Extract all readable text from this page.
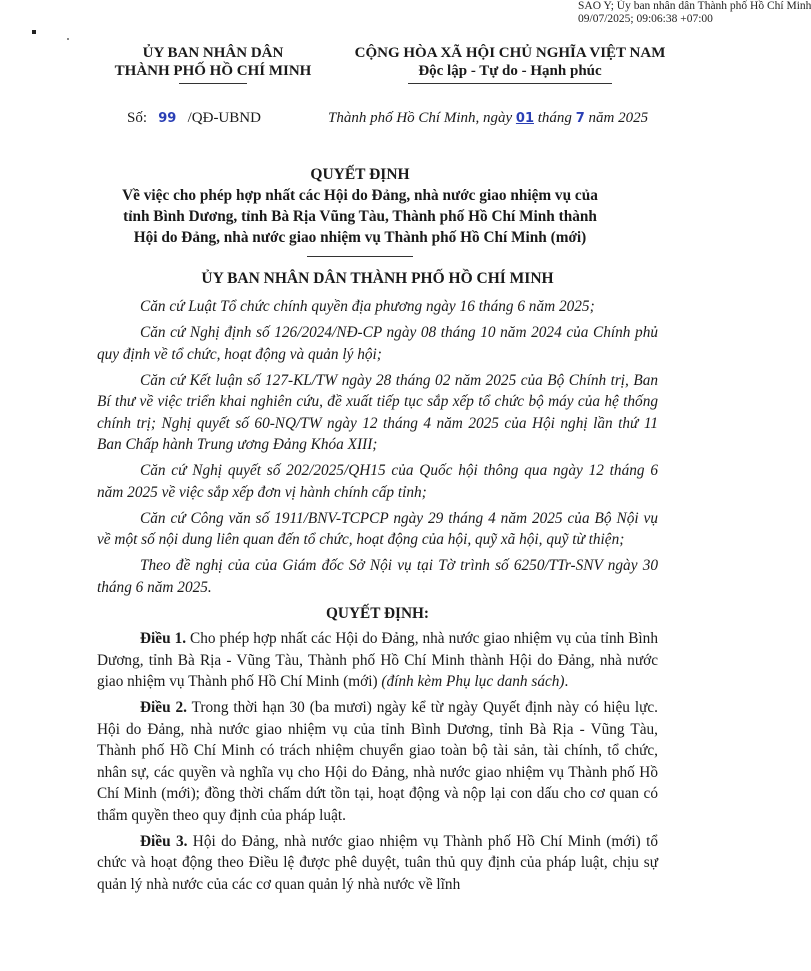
SAO Y; Ủy ban nhân dân Thành phố Hồ Chí Minh
09/07/2025; 09:06:38 +07:00
ỦY BAN NHÂN DÂN
THÀNH PHỐ HỒ CHÍ MINH
CỘNG HÒA XÃ HỘI CHỦ NGHĨA VIỆT NAM
Độc lập - Tự do - Hạnh phúc
Số: 99 /QĐ-UBND	Thành phố Hồ Chí Minh, ngày 01 tháng 7 năm 2025
QUYẾT ĐỊNH
Về việc cho phép hợp nhất các Hội do Đảng, nhà nước giao nhiệm vụ của
tỉnh Bình Dương, tỉnh Bà Rịa Vũng Tàu, Thành phố Hồ Chí Minh thành
Hội do Đảng, nhà nước giao nhiệm vụ Thành phố Hồ Chí Minh (mới)
ỦY BAN NHÂN DÂN THÀNH PHỐ HỒ CHÍ MINH

Căn cứ Luật Tổ chức chính quyền địa phương ngày 16 tháng 6 năm 2025;

Căn cứ Nghị định số 126/2024/NĐ-CP ngày 08 tháng 10 năm 2024 của Chính phủ quy định về tổ chức, hoạt động và quản lý hội;

Căn cứ Kết luận số 127-KL/TW ngày 28 tháng 02 năm 2025 của Bộ Chính trị, Ban Bí thư về việc triển khai nghiên cứu, đề xuất tiếp tục sắp xếp tổ chức bộ máy của hệ thống chính trị; Nghị quyết số 60-NQ/TW ngày 12 tháng 4 năm 2025 của Hội nghị lần thứ 11 Ban Chấp hành Trung ương Đảng Khóa XIII;

Căn cứ Nghị quyết số 202/2025/QH15 của Quốc hội thông qua ngày 12 tháng 6 năm 2025 về việc sắp xếp đơn vị hành chính cấp tỉnh;

Căn cứ Công văn số 1911/BNV-TCPCP ngày 29 tháng 4 năm 2025 của Bộ Nội vụ về một số nội dung liên quan đến tổ chức, hoạt động của hội, quỹ xã hội, quỹ từ thiện;

Theo đề nghị của của Giám đốc Sở Nội vụ tại Tờ trình số 6250/TTr-SNV ngày 30 tháng 6 năm 2025.

QUYẾT ĐỊNH:

Điều 1. Cho phép hợp nhất các Hội do Đảng, nhà nước giao nhiệm vụ của tỉnh Bình Dương, tỉnh Bà Rịa - Vũng Tàu, Thành phố Hồ Chí Minh thành Hội do Đảng, nhà nước giao nhiệm vụ Thành phố Hồ Chí Minh (mới) (đính kèm Phụ lục danh sách).

Điều 2. Trong thời hạn 30 (ba mươi) ngày kể từ ngày Quyết định này có hiệu lực. Hội do Đảng, nhà nước giao nhiệm vụ của tỉnh Bình Dương, tỉnh Bà Rịa - Vũng Tàu, Thành phố Hồ Chí Minh có trách nhiệm chuyển giao toàn bộ tài sản, tài chính, tổ chức, nhân sự, các quyền và nghĩa vụ cho Hội do Đảng, nhà nước giao nhiệm vụ Thành phố Hồ Chí Minh (mới); đồng thời chấm dứt tồn tại, hoạt động và nộp lại con dấu cho cơ quan có thẩm quyền theo quy định của pháp luật.

Điều 3. Hội do Đảng, nhà nước giao nhiệm vụ Thành phố Hồ Chí Minh (mới) tổ chức và hoạt động theo Điều lệ được phê duyệt, tuân thủ quy định của pháp luật, chịu sự quản lý nhà nước của các cơ quan quản lý nhà nước về lĩnh
